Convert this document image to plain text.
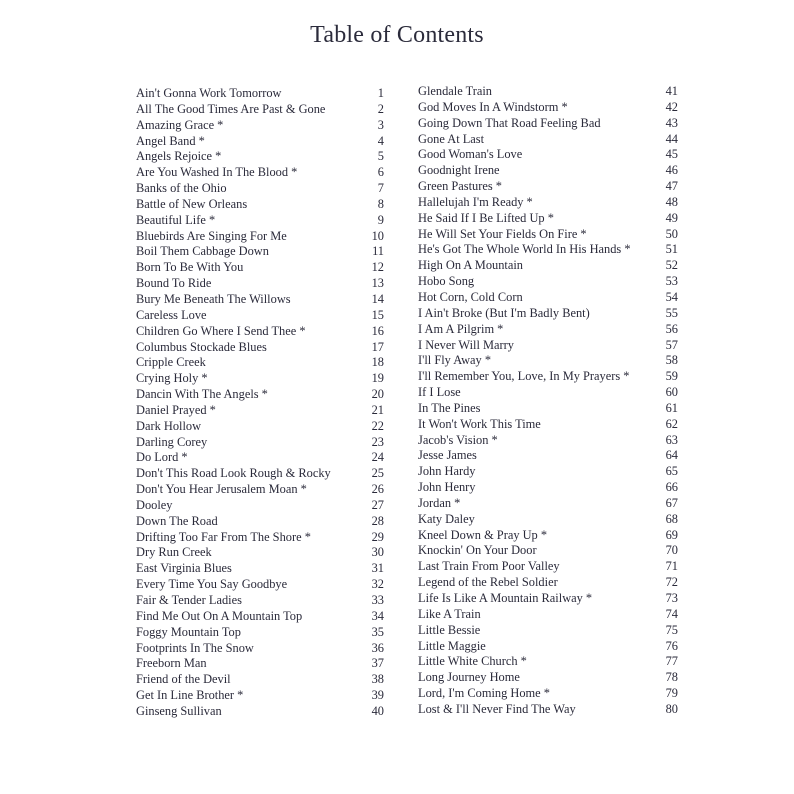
Table of Contents
Ain't Gonna Work Tomorrow	1
All The Good Times Are Past & Gone	2
Amazing Grace *	3
Angel Band *	4
Angels Rejoice *	5
Are You Washed In The Blood *	6
Banks of the Ohio	7
Battle of New Orleans	8
Beautiful Life *	9
Bluebirds Are Singing For Me	10
Boil Them Cabbage Down	11
Born To Be With You	12
Bound To Ride	13
Bury Me Beneath The Willows	14
Careless Love	15
Children Go Where I Send Thee *	16
Columbus Stockade Blues	17
Cripple Creek	18
Crying Holy *	19
Dancin With The Angels *	20
Daniel Prayed *	21
Dark Hollow	22
Darling Corey	23
Do Lord *	24
Don't This Road Look Rough & Rocky	25
Don't You Hear Jerusalem Moan *	26
Dooley	27
Down The Road	28
Drifting Too Far From The Shore *	29
Dry Run Creek	30
East Virginia Blues	31
Every Time You Say Goodbye	32
Fair & Tender Ladies	33
Find Me Out On A Mountain Top	34
Foggy Mountain Top	35
Footprints In The Snow	36
Freeborn Man	37
Friend of the Devil	38
Get In Line Brother *	39
Ginseng Sullivan	40
Glendale Train	41
God Moves In A Windstorm *	42
Going Down That Road Feeling Bad	43
Gone At Last	44
Good Woman's Love	45
Goodnight Irene	46
Green Pastures *	47
Hallelujah I'm Ready *	48
He Said If I Be Lifted Up *	49
He Will Set Your Fields On Fire *	50
He's Got The Whole World In His Hands *	51
High On A Mountain	52
Hobo Song	53
Hot Corn, Cold Corn	54
I Ain't Broke (But I'm Badly Bent)	55
I Am A Pilgrim *	56
I Never Will Marry	57
I'll Fly Away *	58
I'll Remember You, Love, In My Prayers *	59
If I Lose	60
In The Pines	61
It Won't Work This Time	62
Jacob's Vision *	63
Jesse James	64
John Hardy	65
John Henry	66
Jordan *	67
Katy Daley	68
Kneel Down & Pray Up *	69
Knockin' On Your Door	70
Last Train From Poor Valley	71
Legend of the Rebel Soldier	72
Life Is Like A Mountain Railway *	73
Like A Train	74
Little Bessie	75
Little Maggie	76
Little White Church *	77
Long Journey Home	78
Lord, I'm Coming Home *	79
Lost & I'll Never Find The Way	80
